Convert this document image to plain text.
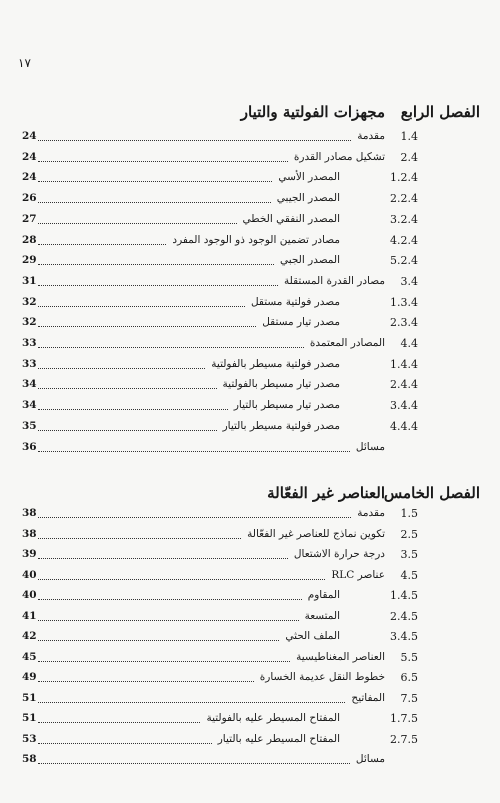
١٧
الفصل الرابع
مجهزات الفولتية والتيار
1.4
مقدمة
24
2.4
تشكيل مصادر القدرة
24
1.2.4
المصدر الأسي
24
2.2.4
المصدر الجيبي
26
3.2.4
المصدر النفقي الخطي
27
4.2.4
مصادر تضمين الوجود ذو الوجود المفرد
28
5.2.4
المصدر الجبي
29
3.4
مصادر القدرة المستقلة
31
1.3.4
مصدر فولتية مستقل
32
2.3.4
مصدر تيار مستقل
32
4.4
المصادر المعتمدة
33
1.4.4
مصدر فولتية مسيطر بالفولتية
33
2.4.4
مصدر تيار مسيطر بالفولتية
34
3.4.4
مصدر تيار مسيطر بالتيار
34
4.4.4
مصدر فولتية مسيطر بالتيار
35
مسائل
36
الفصل الخامس
العناصر غير الفعّالة
1.5
مقدمة
38
2.5
تكوين نماذج للعناصر غير الفعّالة
38
3.5
درجة حرارة الاشتعال
39
4.5
عناصر RLC
40
1.4.5
المقاوم
40
2.4.5
المتسعة
41
3.4.5
الملف الحثي
42
5.5
العناصر المغناطيسية
45
6.5
خطوط النقل عديمة الخسارة
49
7.5
المفاتيح
51
1.7.5
المفتاح المسيطر عليه بالفولتية
51
2.7.5
المفتاح المسيطر عليه بالتيار
53
مسائل
58
